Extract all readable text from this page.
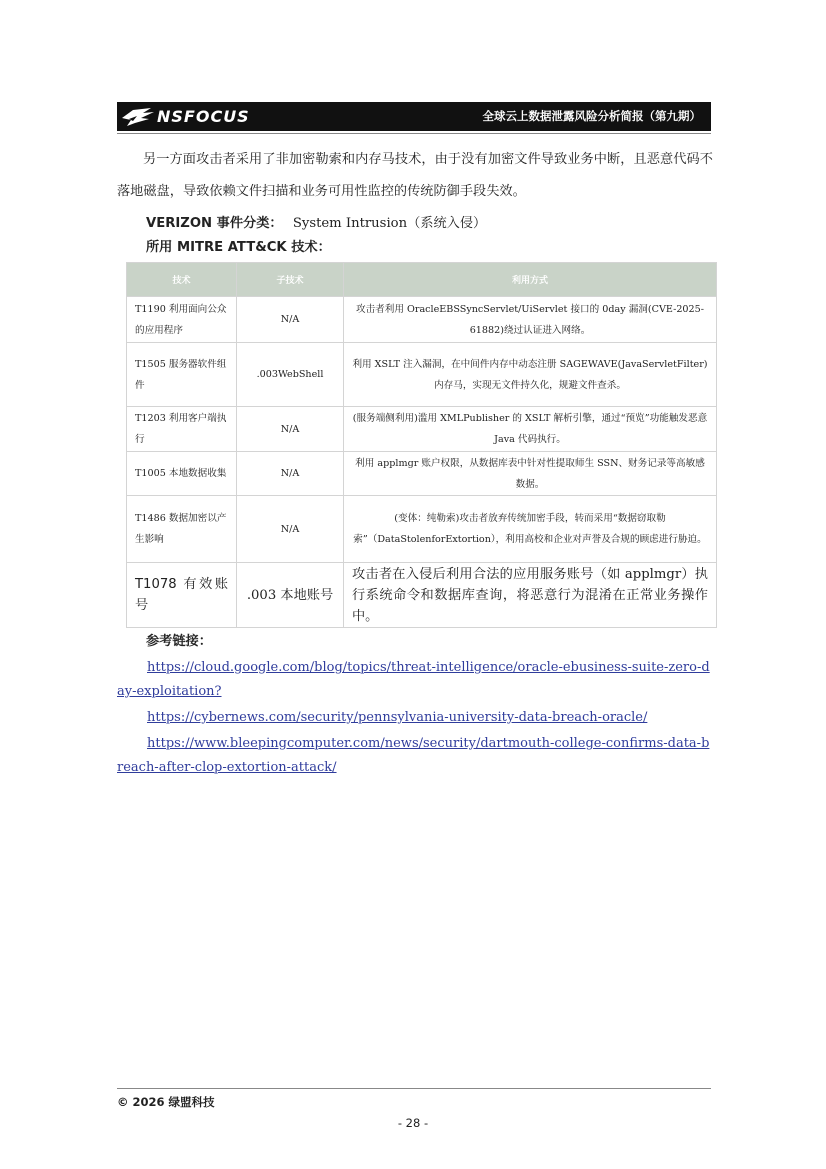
NSFOCUS	全球云上数据泄露风险分析简报（第九期）

另一方面攻击者采用了非加密勒索和内存马技术，由于没有加密文件导致业务中断，且恶意代码不落地磁盘，导致依赖文件扫描和业务可用性监控的传统防御手段失效。

VERIZON 事件分类： System Intrusion（系统入侵）
所用 MITRE ATT&CK 技术：
技术	子技术	利用方式
T1190 利用面向公众的应用程序	N/A	攻击者利用 OracleEBSSyncServlet/UiServlet 接口的 0day 漏洞(CVE-2025-61882)绕过认证进入网络。
T1505 服务器软件组件	.003WebShell	利用 XSLT 注入漏洞，在中间件内存中动态注册 SAGEWAVE(JavaServletFilter)内存马，实现无文件持久化，规避文件查杀。
T1203 利用客户端执行	N/A	(服务端侧利用)滥用 XMLPublisher 的 XSLT 解析引擎，通过“预览”功能触发恶意 Java 代码执行。
T1005 本地数据收集	N/A	利用 applmgr 账户权限，从数据库表中针对性提取师生 SSN、财务记录等高敏感数据。
T1486 数据加密以产生影响	N/A	(变体：纯勒索)攻击者放弃传统加密手段，转而采用“数据窃取勒索”（DataStolenforExtortion），利用高校和企业对声誉及合规的顾虑进行胁迫。
T1078 有效账号	.003 本地账号	攻击者在入侵后利用合法的应用服务账号（如 applmgr）执行系统命令和数据库查询，将恶意行为混淆在正常业务操作中。
参考链接：
https://cloud.google.com/blog/topics/threat-intelligence/oracle-ebusiness-suite-zero-day-exploitation?
https://cybernews.com/security/pennsylvania-university-data-breach-oracle/
https://www.bleepingcomputer.com/news/security/dartmouth-college-confirms-data-breach-after-clop-extortion-attack/
© 2026 绿盟科技
- 28 -
